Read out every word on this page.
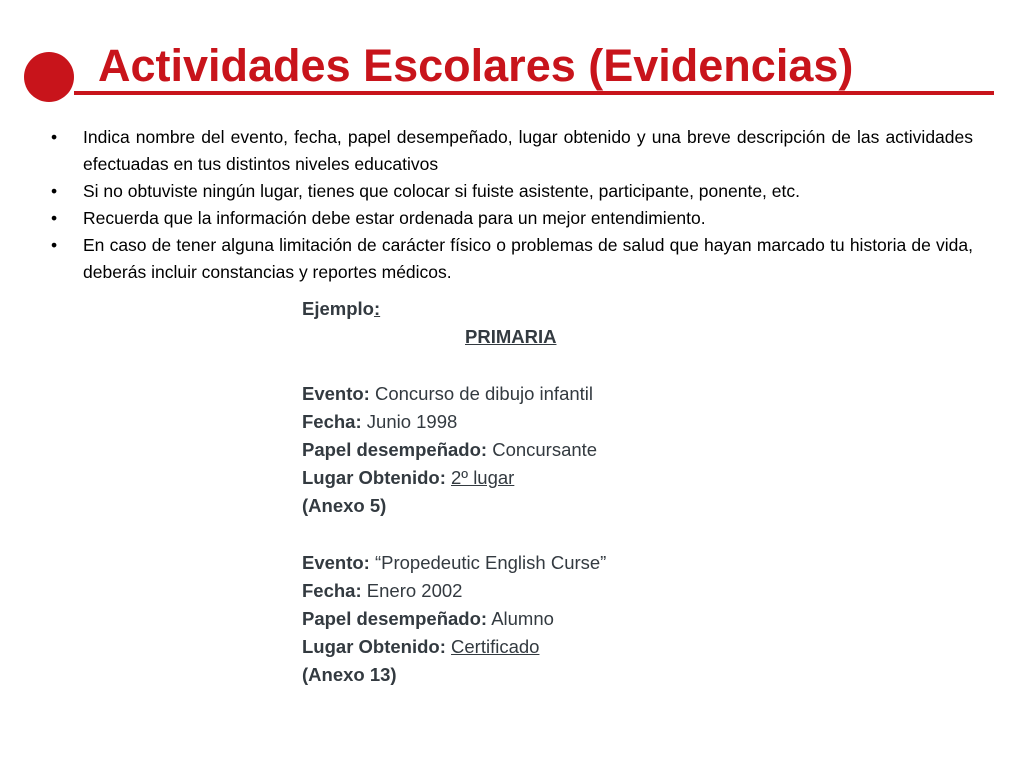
Actividades Escolares (Evidencias)
• Indica nombre del evento, fecha, papel desempeñado, lugar obtenido y una breve descripción de las actividades efectuadas en tus distintos niveles educativos
• Si no obtuviste ningún lugar, tienes que colocar si fuiste asistente, participante, ponente, etc.
• Recuerda que la información debe estar ordenada para un mejor entendimiento.
• En caso de tener alguna limitación de carácter físico o problemas de salud que hayan marcado tu historia de vida, deberás incluir constancias y reportes médicos.
Ejemplo:
PRIMARIA
Evento: Concurso de dibujo infantil
Fecha: Junio 1998
Papel desempeñado: Concursante
Lugar Obtenido: 2º lugar
(Anexo 5)
Evento: “Propedeutic English Curse”
Fecha: Enero 2002
Papel desempeñado: Alumno
Lugar Obtenido: Certificado
(Anexo 13)
